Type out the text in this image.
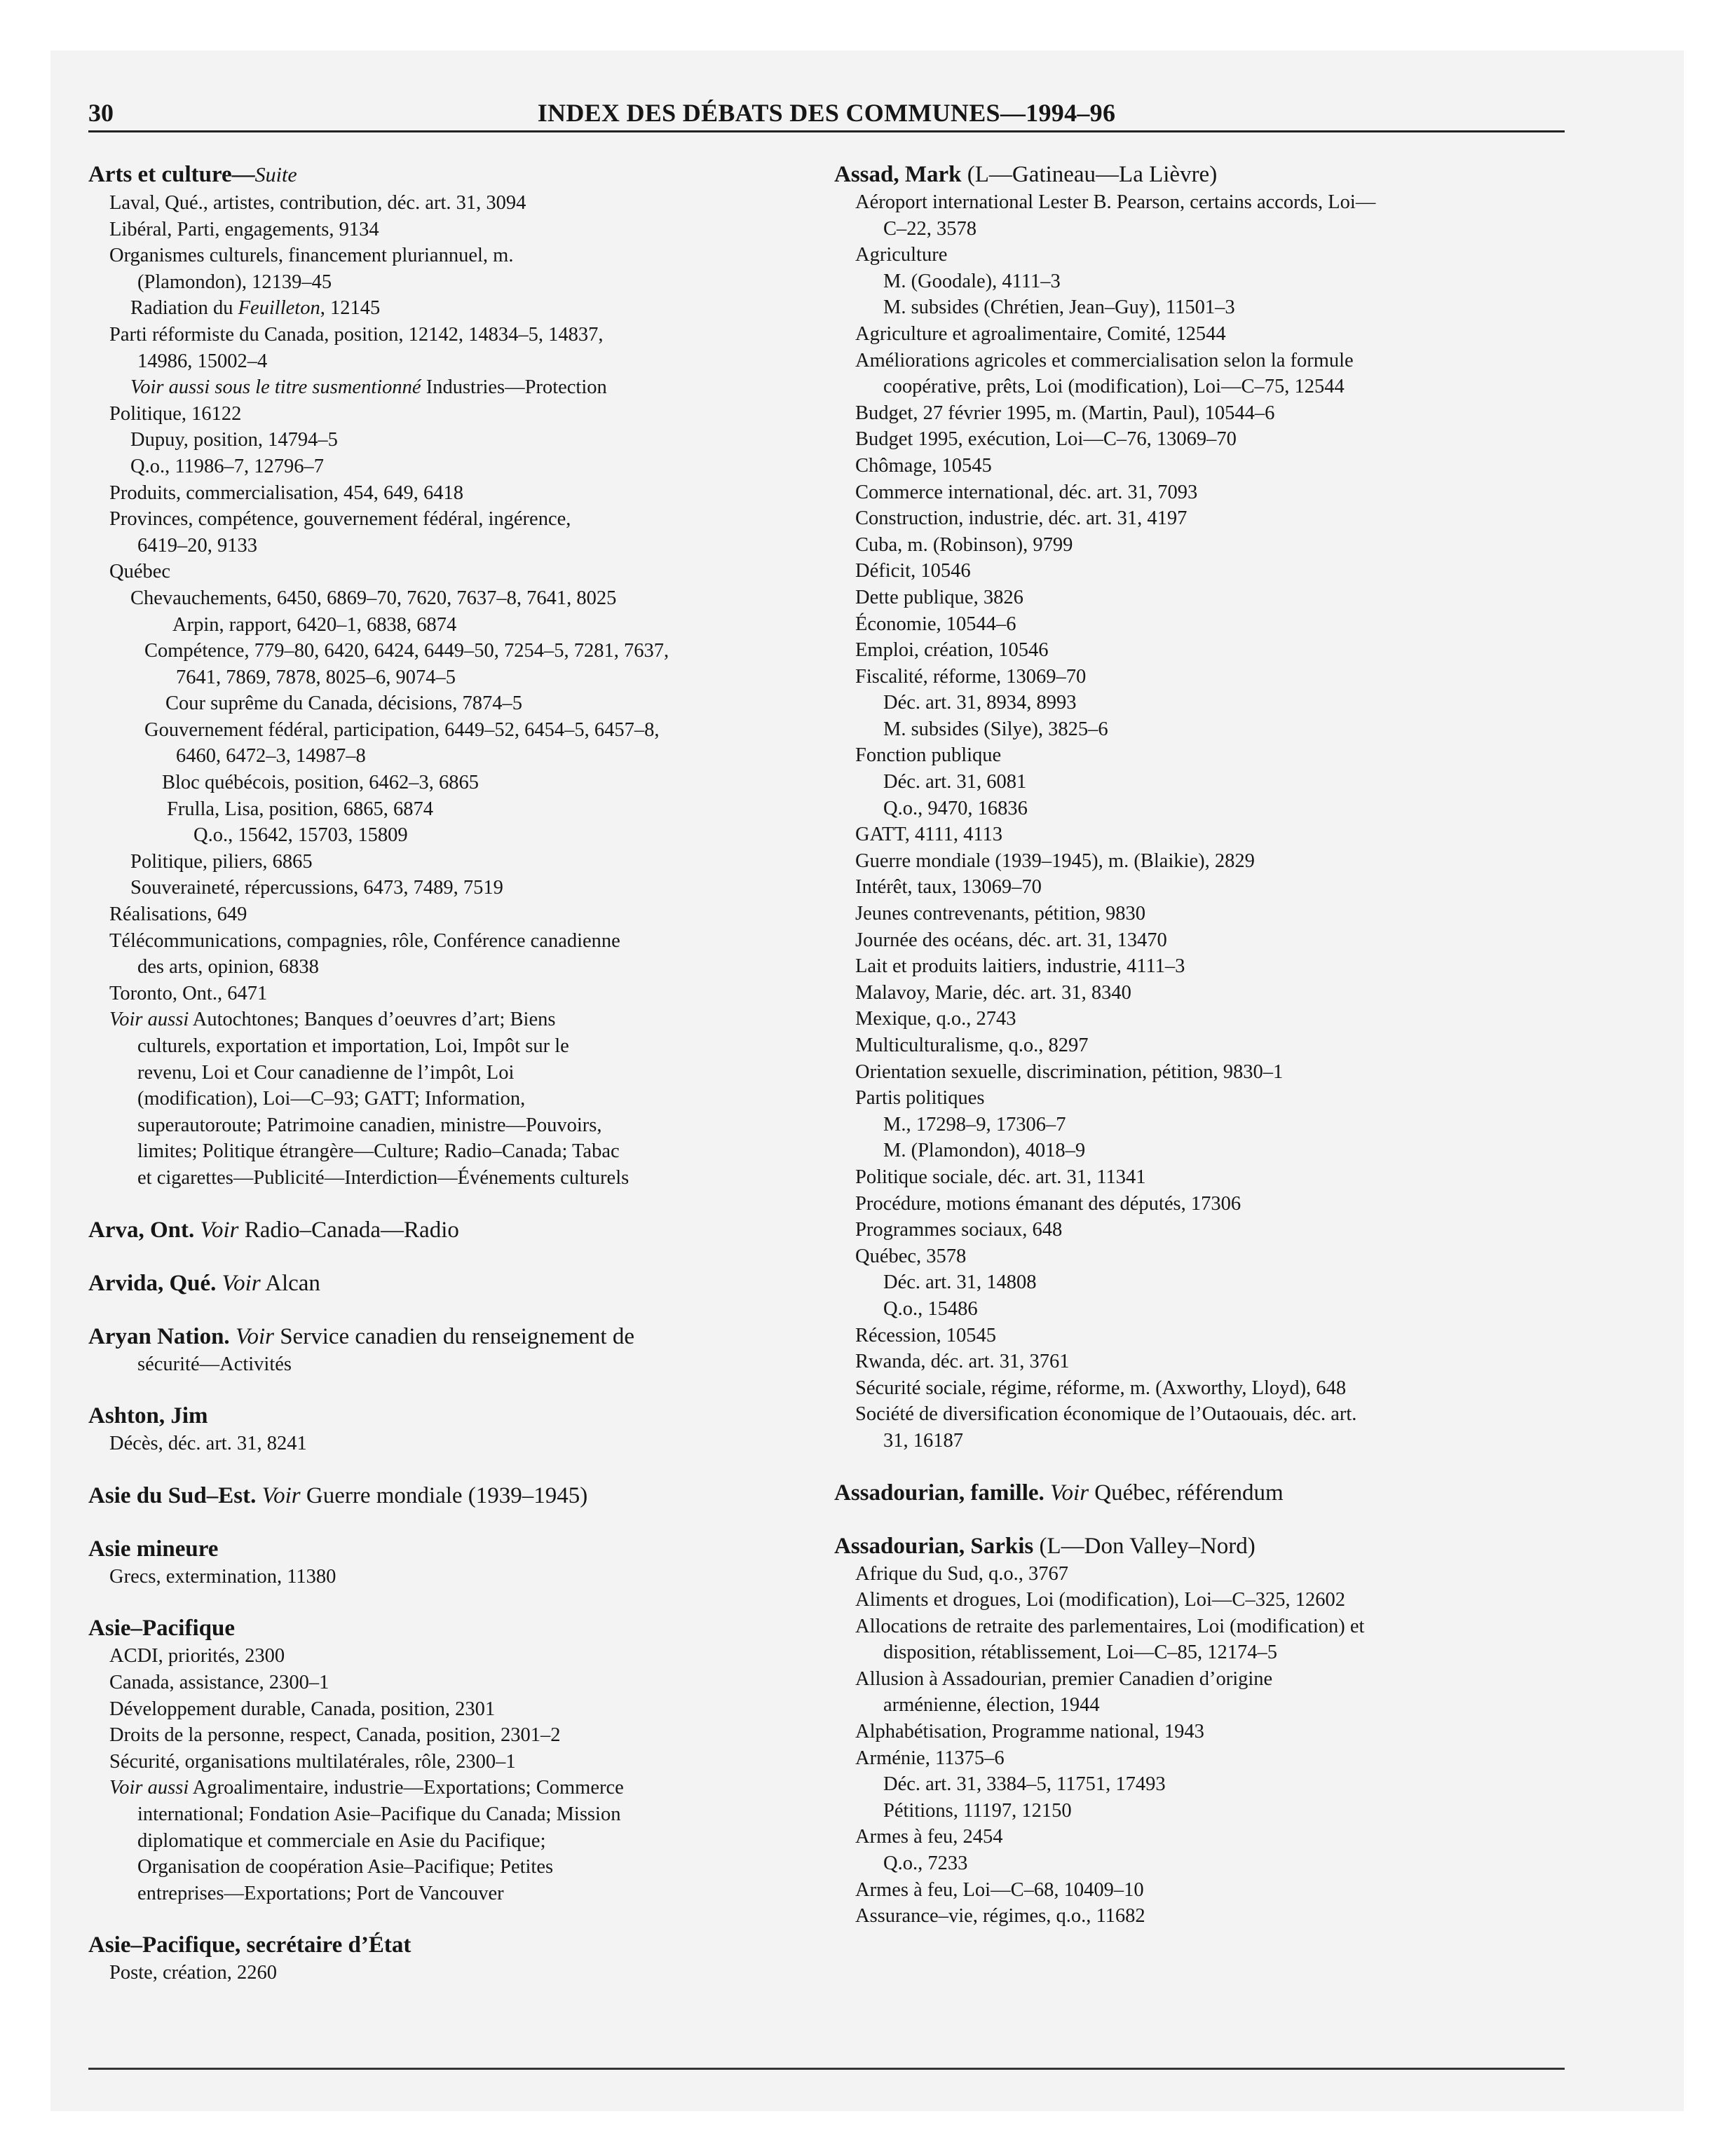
INDEX DES DÉBATS DES COMMUNES—1994–96
30
Arts et culture—Suite
Laval, Qué., artistes, contribution, déc. art. 31, 3094
Libéral, Parti, engagements, 9134
Organismes culturels, financement pluriannuel, m.
(Plamondon), 12139–45
Radiation du Feuilleton, 12145
Parti réformiste du Canada, position, 12142, 14834–5, 14837,
14986, 15002–4
Voir aussi sous le titre susmentionné Industries—Protection
Politique, 16122
Dupuy, position, 14794–5
Q.o., 11986–7, 12796–7
Produits, commercialisation, 454, 649, 6418
Provinces, compétence, gouvernement fédéral, ingérence,
6419–20, 9133
Québec
Chevauchements, 6450, 6869–70, 7620, 7637–8, 7641, 8025
Arpin, rapport, 6420–1, 6838, 6874
Compétence, 779–80, 6420, 6424, 6449–50, 7254–5, 7281, 7637,
7641, 7869, 7878, 8025–6, 9074–5
Cour suprême du Canada, décisions, 7874–5
Gouvernement fédéral, participation, 6449–52, 6454–5, 6457–8,
6460, 6472–3, 14987–8
Bloc québécois, position, 6462–3, 6865
Frulla, Lisa, position, 6865, 6874
Q.o., 15642, 15703, 15809
Politique, piliers, 6865
Souveraineté, répercussions, 6473, 7489, 7519
Réalisations, 649
Télécommunications, compagnies, rôle, Conférence canadienne
des arts, opinion, 6838
Toronto, Ont., 6471
Voir aussi Autochtones; Banques d’oeuvres d’art; Biens
culturels, exportation et importation, Loi, Impôt sur le
revenu, Loi et Cour canadienne de l’impôt, Loi
(modification), Loi—C–93; GATT; Information,
superautoroute; Patrimoine canadien, ministre—Pouvoirs,
limites; Politique étrangère—Culture; Radio–Canada; Tabac
et cigarettes—Publicité—Interdiction—Événements culturels
Arva, Ont. Voir Radio–Canada—Radio
Arvida, Qué. Voir Alcan
Aryan Nation. Voir Service canadien du renseignement de
sécurité—Activités
Ashton, Jim
Décès, déc. art. 31, 8241
Asie du Sud–Est. Voir Guerre mondiale (1939–1945)
Asie mineure
Grecs, extermination, 11380
Asie–Pacifique
ACDI, priorités, 2300
Canada, assistance, 2300–1
Développement durable, Canada, position, 2301
Droits de la personne, respect, Canada, position, 2301–2
Sécurité, organisations multilatérales, rôle, 2300–1
Voir aussi Agroalimentaire, industrie—Exportations; Commerce
international; Fondation Asie–Pacifique du Canada; Mission
diplomatique et commerciale en Asie du Pacifique;
Organisation de coopération Asie–Pacifique; Petites
entreprises—Exportations; Port de Vancouver
Asie–Pacifique, secrétaire d’État
Poste, création, 2260
Assad, Mark (L—Gatineau—La Lièvre)
Aéroport international Lester B. Pearson, certains accords, Loi—
C–22, 3578
Agriculture
M. (Goodale), 4111–3
M. subsides (Chrétien, Jean–Guy), 11501–3
Agriculture et agroalimentaire, Comité, 12544
Améliorations agricoles et commercialisation selon la formule
coopérative, prêts, Loi (modification), Loi—C–75, 12544
Budget, 27 février 1995, m. (Martin, Paul), 10544–6
Budget 1995, exécution, Loi—C–76, 13069–70
Chômage, 10545
Commerce international, déc. art. 31, 7093
Construction, industrie, déc. art. 31, 4197
Cuba, m. (Robinson), 9799
Déficit, 10546
Dette publique, 3826
Économie, 10544–6
Emploi, création, 10546
Fiscalité, réforme, 13069–70
Déc. art. 31, 8934, 8993
M. subsides (Silye), 3825–6
Fonction publique
Déc. art. 31, 6081
Q.o., 9470, 16836
GATT, 4111, 4113
Guerre mondiale (1939–1945), m. (Blaikie), 2829
Intérêt, taux, 13069–70
Jeunes contrevenants, pétition, 9830
Journée des océans, déc. art. 31, 13470
Lait et produits laitiers, industrie, 4111–3
Malavoy, Marie, déc. art. 31, 8340
Mexique, q.o., 2743
Multiculturalisme, q.o., 8297
Orientation sexuelle, discrimination, pétition, 9830–1
Partis politiques
M., 17298–9, 17306–7
M. (Plamondon), 4018–9
Politique sociale, déc. art. 31, 11341
Procédure, motions émanant des députés, 17306
Programmes sociaux, 648
Québec, 3578
Déc. art. 31, 14808
Q.o., 15486
Récession, 10545
Rwanda, déc. art. 31, 3761
Sécurité sociale, régime, réforme, m. (Axworthy, Lloyd), 648
Société de diversification économique de l’Outaouais, déc. art.
31, 16187
Assadourian, famille. Voir Québec, référendum
Assadourian, Sarkis (L—Don Valley–Nord)
Afrique du Sud, q.o., 3767
Aliments et drogues, Loi (modification), Loi—C–325, 12602
Allocations de retraite des parlementaires, Loi (modification) et
disposition, rétablissement, Loi—C–85, 12174–5
Allusion à Assadourian, premier Canadien d’origine
arménienne, élection, 1944
Alphabétisation, Programme national, 1943
Arménie, 11375–6
Déc. art. 31, 3384–5, 11751, 17493
Pétitions, 11197, 12150
Armes à feu, 2454
Q.o., 7233
Armes à feu, Loi—C–68, 10409–10
Assurance–vie, régimes, q.o., 11682
